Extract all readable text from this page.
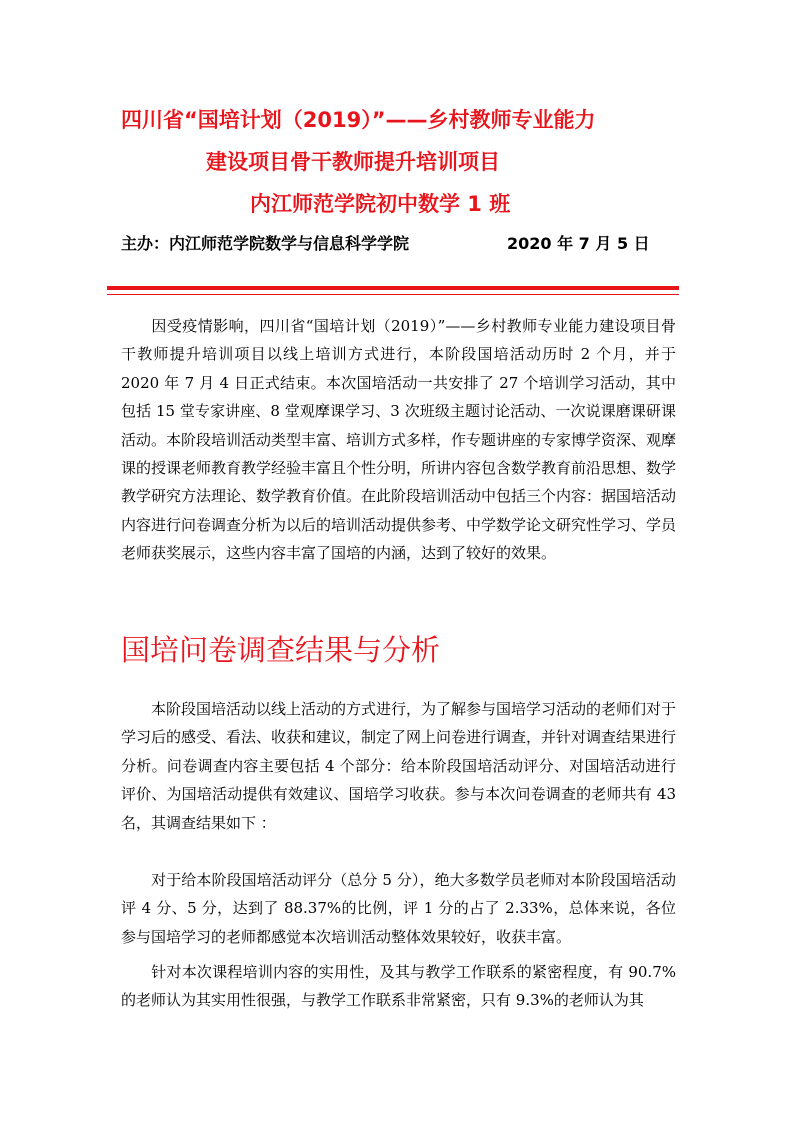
四川省“国培计划（2019）”——乡村教师专业能力
建设项目骨干教师提升培训项目
内江师范学院初中数学 1 班
主办：内江师范学院数学与信息科学学院	2020 年 7 月 5 日

因受疫情影响，四川省“国培计划（2019）”——乡村教师专业能力建设项目骨干教师提升培训项目以线上培训方式进行，本阶段国培活动历时 2 个月，并于 2020 年 7 月 4 日正式结束。本次国培活动一共安排了 27 个培训学习活动，其中包括 15 堂专家讲座、8 堂观摩课学习、3 次班级主题讨论活动、一次说课磨课研课活动。本阶段培训活动类型丰富、培训方式多样，作专题讲座的专家博学资深、观摩课的授课老师教育教学经验丰富且个性分明，所讲内容包含数学教育前沿思想、数学教学研究方法理论、数学教育价值。在此阶段培训活动中包括三个内容：据国培活动内容进行问卷调查分析为以后的培训活动提供参考、中学数学论文研究性学习、学员老师获奖展示，这些内容丰富了国培的内涵，达到了较好的效果。

国培问卷调查结果与分析

本阶段国培活动以线上活动的方式进行，为了解参与国培学习活动的老师们对于学习后的感受、看法、收获和建议，制定了网上问卷进行调查，并针对调查结果进行分析。问卷调查内容主要包括 4 个部分：给本阶段国培活动评分、对国培活动进行评价、为国培活动提供有效建议、国培学习收获。参与本次问卷调查的老师共有 43 名，其调查结果如下 ：

对于给本阶段国培活动评分（总分 5 分），绝大多数学员老师对本阶段国培活动评 4 分、5 分，达到了 88.37%的比例，评 1 分的占了 2.33%，总体来说，各位参与国培学习的老师都感觉本次培训活动整体效果较好，收获丰富。

针对本次课程培训内容的实用性，及其与教学工作联系的紧密程度，有 90.7%的老师认为其实用性很强，与教学工作联系非常紧密，只有 9.3%的老师认为其
